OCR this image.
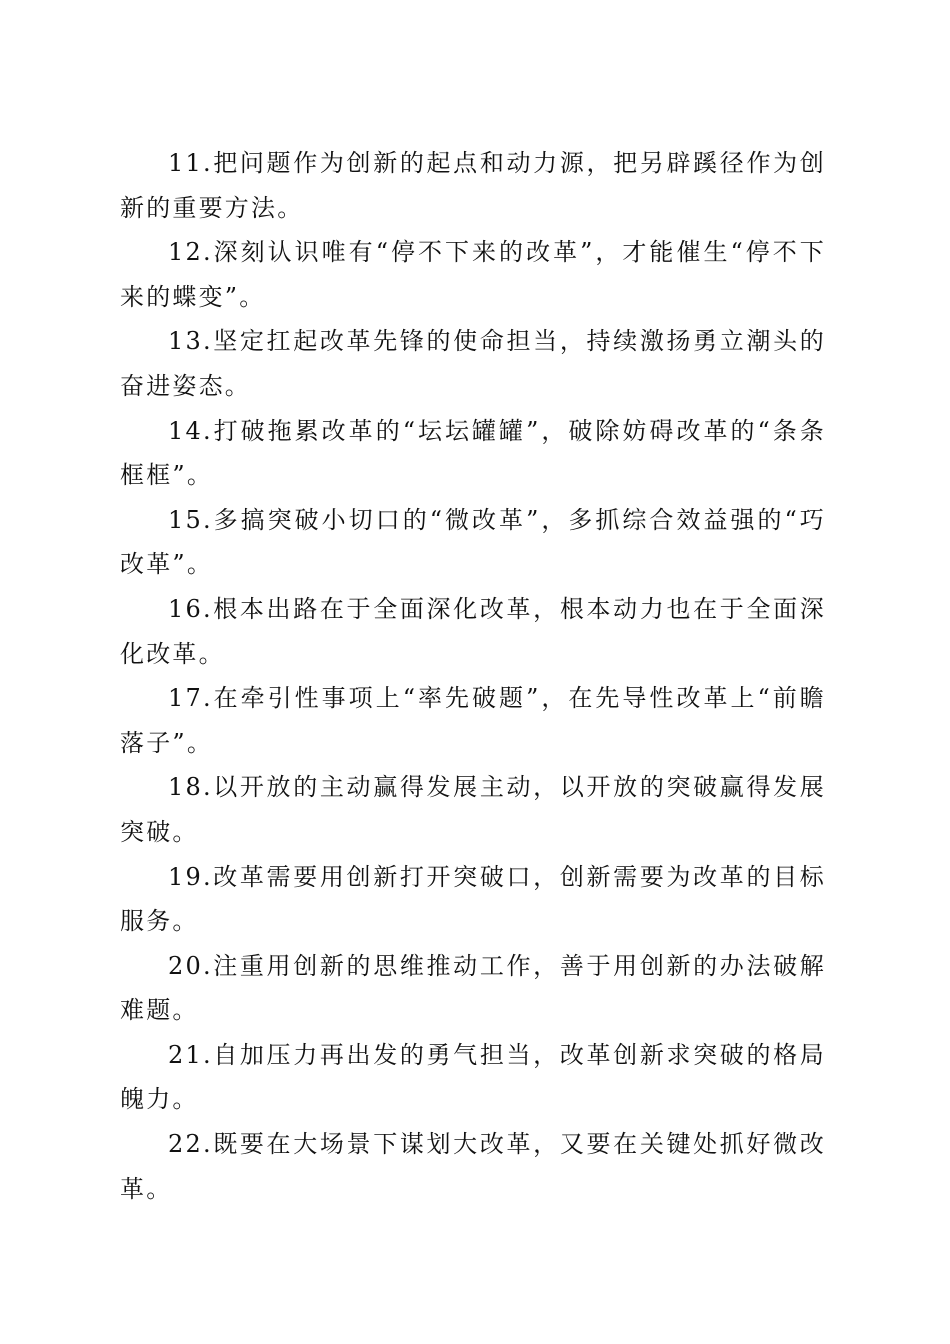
11.把问题作为创新的起点和动力源，把另辟蹊径作为创新的重要方法。

12.深刻认识唯有“停不下来的改革”，才能催生“停不下来的蝶变”。

13.坚定扛起改革先锋的使命担当，持续激扬勇立潮头的奋进姿态。

14.打破拖累改革的“坛坛罐罐”，破除妨碍改革的“条条框框”。

15.多搞突破小切口的“微改革”，多抓综合效益强的“巧改革”。

16.根本出路在于全面深化改革，根本动力也在于全面深化改革。

17.在牵引性事项上“率先破题”，在先导性改革上“前瞻落子”。

18.以开放的主动赢得发展主动，以开放的突破赢得发展突破。

19.改革需要用创新打开突破口，创新需要为改革的目标服务。

20.注重用创新的思维推动工作，善于用创新的办法破解难题。

21.自加压力再出发的勇气担当，改革创新求突破的格局魄力。

22.既要在大场景下谋划大改革，又要在关键处抓好微改革。
